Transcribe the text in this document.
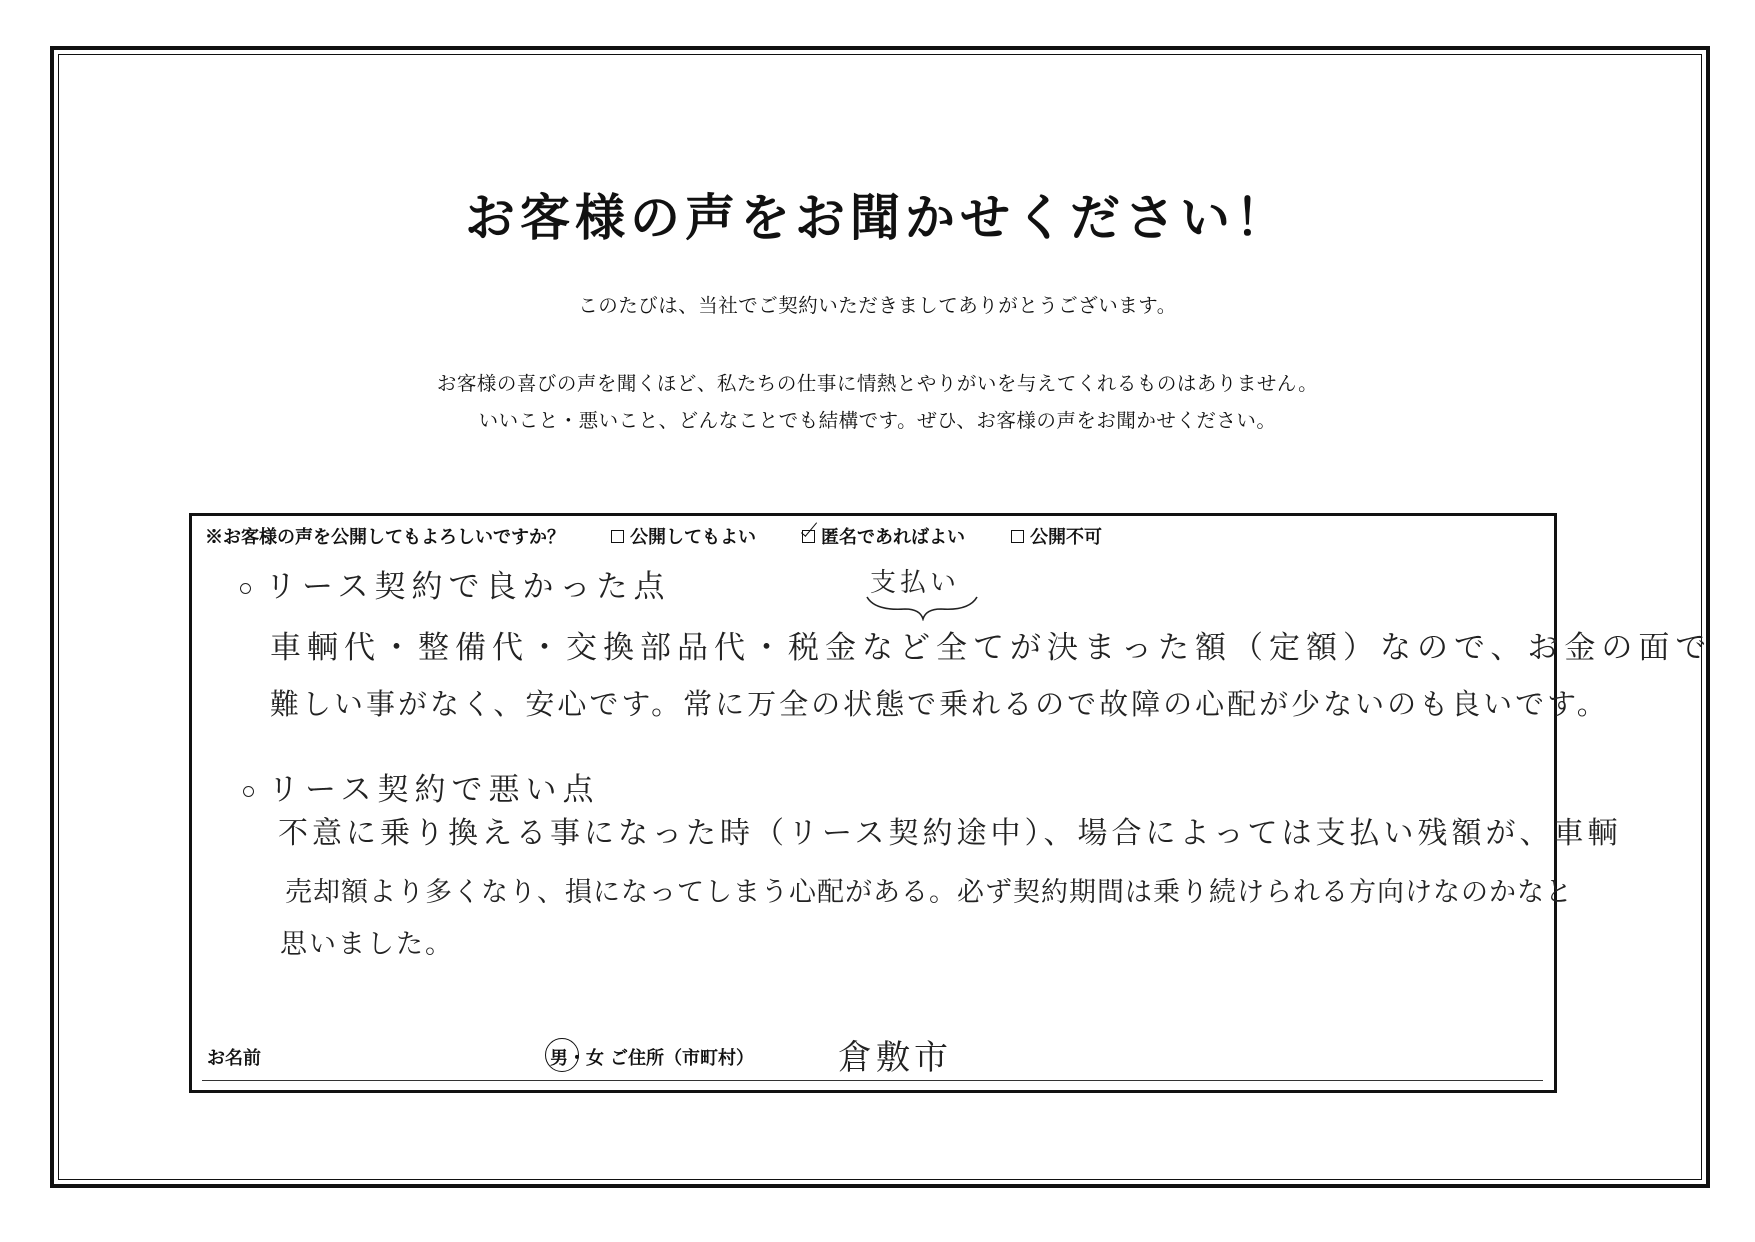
お客様の声をお聞かせください！
このたびは、当社でご契約いただきましてありがとうございます。
お客様の喜びの声を聞くほど、私たちの仕事に情熱とやりがいを与えてくれるものはありません。
いいこと・悪いこと、どんなことでも結構です。ぜひ、お客様の声をお聞かせください。
※お客様の声を公開してもよろしいですか？	公開してもよい	匿名であればよい	公開不可
リース契約で良かった点	支払い
車輌代・整備代・交換部品代・税金など全てが決まった額（定額）なので、お金の面で
難しい事がなく、安心です。常に万全の状態で乗れるので故障の心配が少ないのも良いです。
リース契約で悪い点
不意に乗り換える事になった時（リース契約途中）、場合によっては支払い残額が、車輌
売却額より多くなり、損になってしまう心配がある。必ず契約期間は乗り続けられる方向けなのかなと
思いました。
お名前	男・女 ご住所（市町村） 倉敷市
